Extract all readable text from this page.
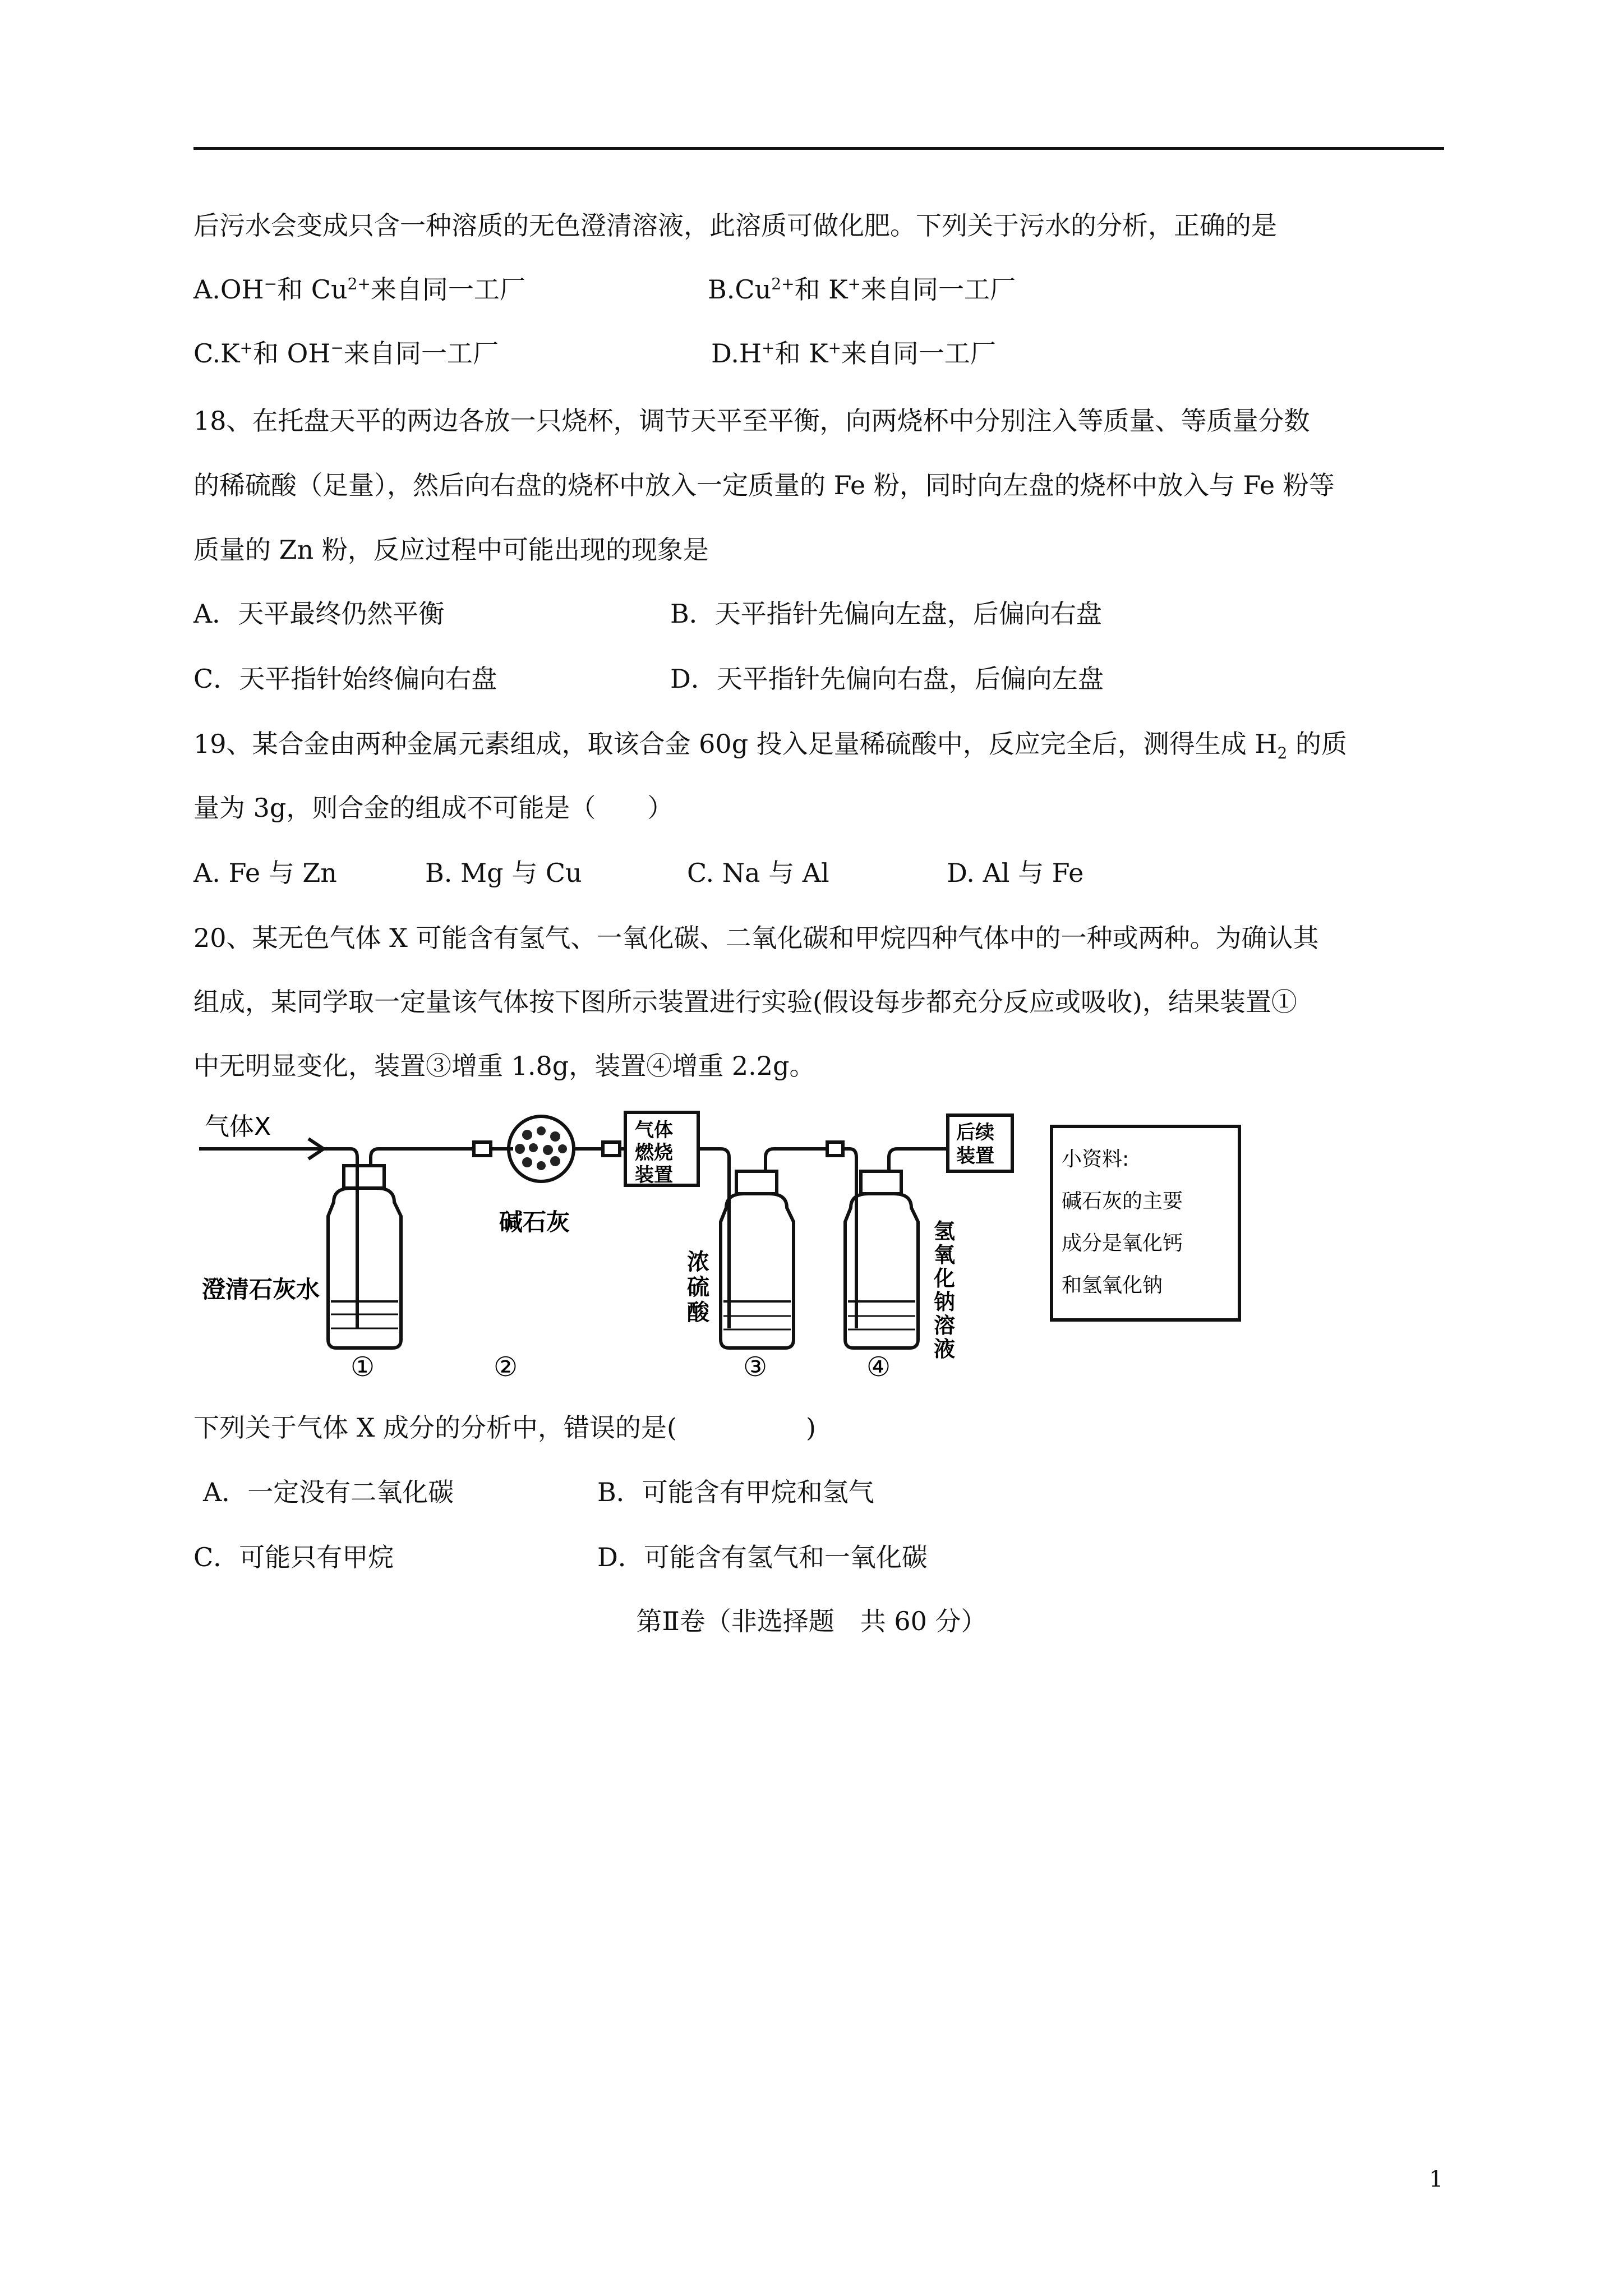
后污水会变成只含一种溶质的无色澄清溶液，此溶质可做化肥。下列关于污水的分析，正确的是
A.OH−和 $Cu^{2+}$来自同一工厂	$B.Cu^{2+}$和 K+来自同一工厂
C.K+和 OH−来自同一工厂	D.H+和 K+来自同一工厂
18、在托盘天平的两边各放一只烧杯，调节天平至平衡，向两烧杯中分别注入等质量、等质量分数
的稀硫酸（足量），然后向右盘的烧杯中放入一定质量的 Fe 粉，同时向左盘的烧杯中放入与 Fe 粉等
质量的 Zn 粉，反应过程中可能出现的现象是
A．天平最终仍然平衡	B．天平指针先偏向左盘，后偏向右盘
C．天平指针始终偏向右盘	D．天平指针先偏向右盘，后偏向左盘
19、某合金由两种金属元素组成，取该合金 60g 投入足量稀硫酸中，反应完全后，测得生成 $H_2$ 的质
量为 3g，则合金的组成不可能是（　　）
A. Fe 与 Zn	B. Mg 与 Cu	C. Na 与 Al	D. Al 与 Fe
20、某无色气体 X 可能含有氢气、一氧化碳、二氧化碳和甲烷四种气体中的一种或两种。为确认其
组成，某同学取一定量该气体按下图所示装置进行实验(假设每步都充分反应或吸收)，结果装置①
中无明显变化，装置③增重 1.8g，装置④增重 2.2g。
气体X
碱石灰
澄清石灰水
气体
燃烧
装置
后续
装置
浓
硫
酸
氢
氧
化
钠
溶
液
①	②	③	④
小资料:
碱石灰的主要
成分是氧化钙
和氢氧化钠
下列关于气体 X 成分的分析中，错误的是(　　　　　)
A．一定没有二氧化碳	B．可能含有甲烷和氢气
C．可能只有甲烷	D．可能含有氢气和一氧化碳
第Ⅱ卷（非选择题　共 60 分）
1
